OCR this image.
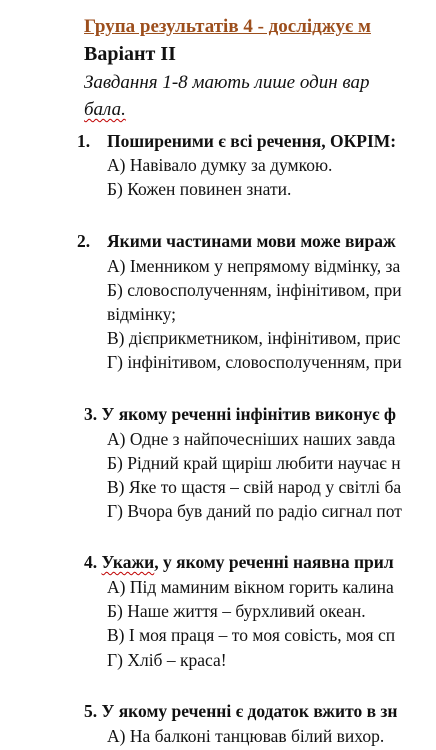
Група результатів 4 - досліджує м
Варіант ІІ
Завдання 1-8 мають лише один вар
бала.
1. Поширеними є всі речення, ОКРІМ:
А) Навівало думку за думкою.
Б) Кожен повинен знати.
2. Якими частинами мови може вираж
А) Іменником у непрямому відмінку, за
Б) словосполученням, інфінітивом, при
відмінку;
В) дієприкметником, інфінітивом, прис
Г) інфінітивом, словосполученням, при
3. У якому реченні інфінітив виконує ф
А) Одне з найпочесніших наших завда
Б) Рідний край щиріш любити научає н
В) Яке то щастя – свій народ у світлі ба
Г) Вчора був даний по радіо сигнал пот
4. Укажи, у якому реченні наявна прил
А) Під маминим вікном горить калина
Б) Наше життя – бурхливий океан.
В) І моя праця – то моя совість, моя сп
Г) Хліб – краса!
5. У якому реченні є додаток вжито в зн
А) На балконі танцював білий вихор.
